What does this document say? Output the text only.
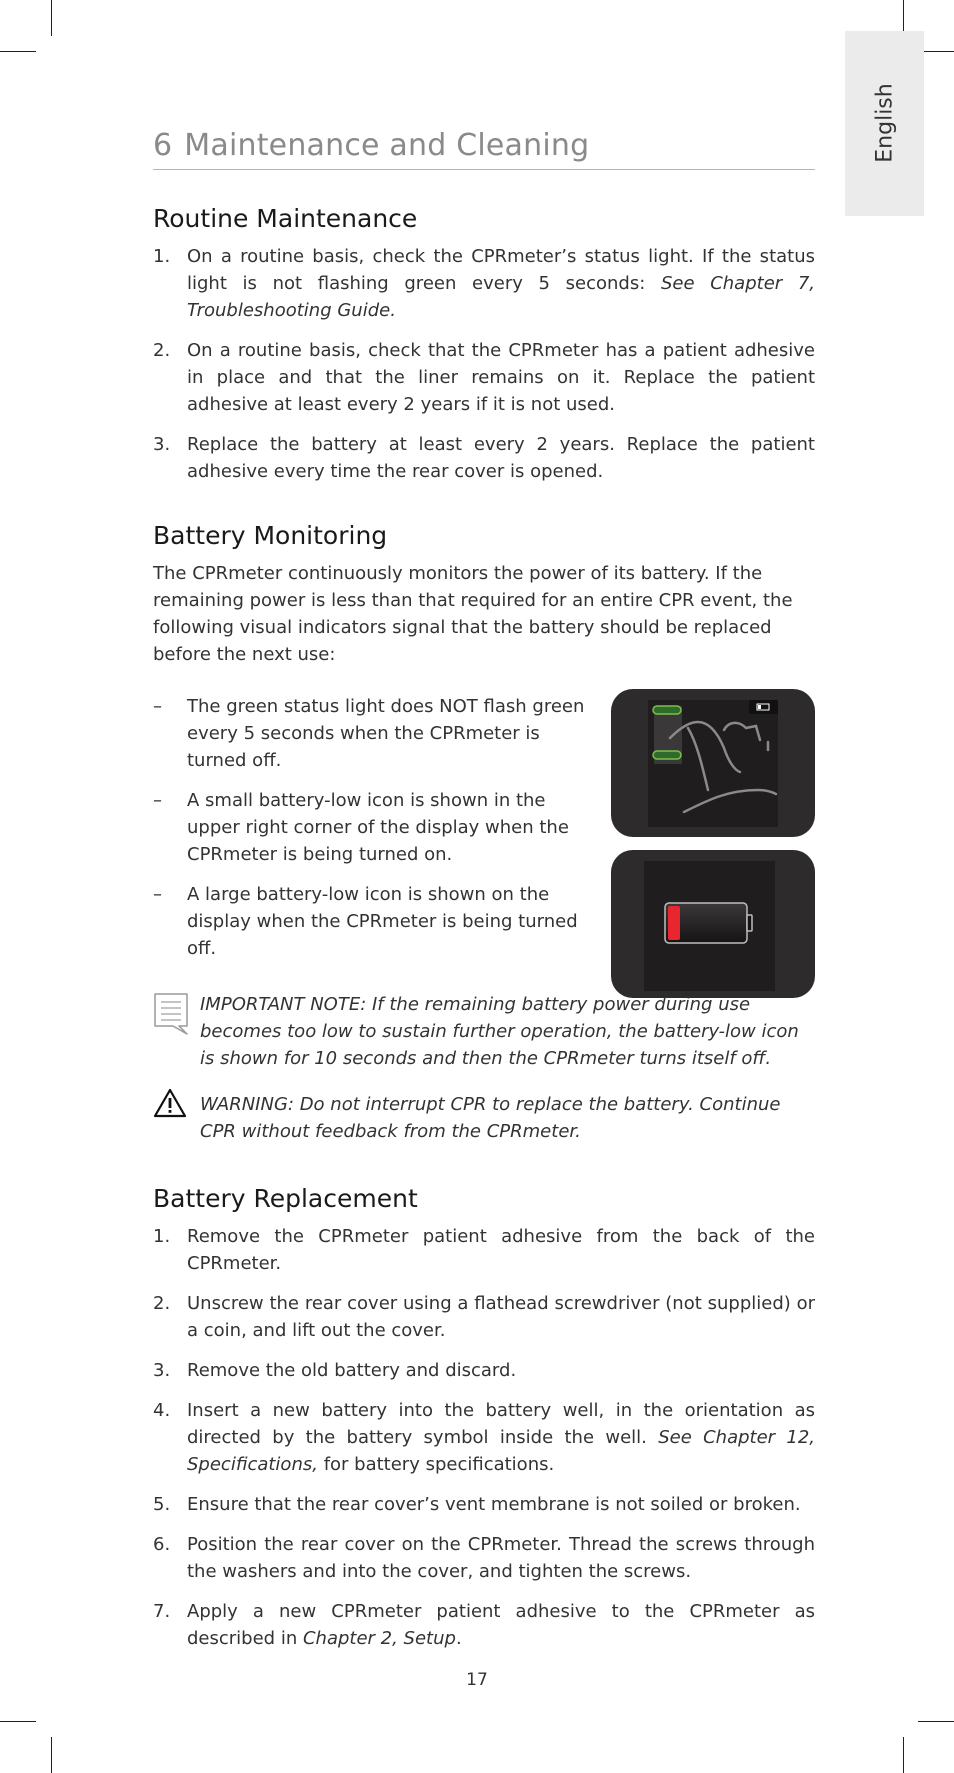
English
6 Maintenance and Cleaning
Routine Maintenance
1. On a routine basis, check the CPRmeter’s status light. If the status light is not flashing green every 5 seconds: See Chapter 7, Troubleshooting Guide.
2. On a routine basis, check that the CPRmeter has a patient adhesive in place and that the liner remains on it. Replace the patient adhesive at least every 2 years if it is not used.
3. Replace the battery at least every 2 years. Replace the patient adhesive every time the rear cover is opened.
Battery Monitoring
The CPRmeter continuously monitors the power of its battery. If the remaining power is less than that required for an entire CPR event, the following visual indicators signal that the battery should be replaced before the next use:
– The green status light does NOT flash green every 5 seconds when the CPRmeter is turned off.
– A small battery-low icon is shown in the upper right corner of the display when the CPRmeter is being turned on.
– A large battery-low icon is shown on the display when the CPRmeter is being turned off.
IMPORTANT NOTE: If the remaining battery power during use becomes too low to sustain further operation, the battery-low icon is shown for 10 seconds and then the CPRmeter turns itself off.
WARNING: Do not interrupt CPR to replace the battery. Continue CPR without feedback from the CPRmeter.
Battery Replacement
1. Remove the CPRmeter patient adhesive from the back of the CPRmeter.
2. Unscrew the rear cover using a flathead screwdriver (not supplied) or a coin, and lift out the cover.
3. Remove the old battery and discard.
4. Insert a new battery into the battery well, in the orientation as directed by the battery symbol inside the well. See Chapter 12, Specifications, for battery specifications.
5. Ensure that the rear cover’s vent membrane is not soiled or broken.
6. Position the rear cover on the CPRmeter. Thread the screws through the washers and into the cover, and tighten the screws.
7. Apply a new CPRmeter patient adhesive to the CPRmeter as described in Chapter 2, Setup.
17
